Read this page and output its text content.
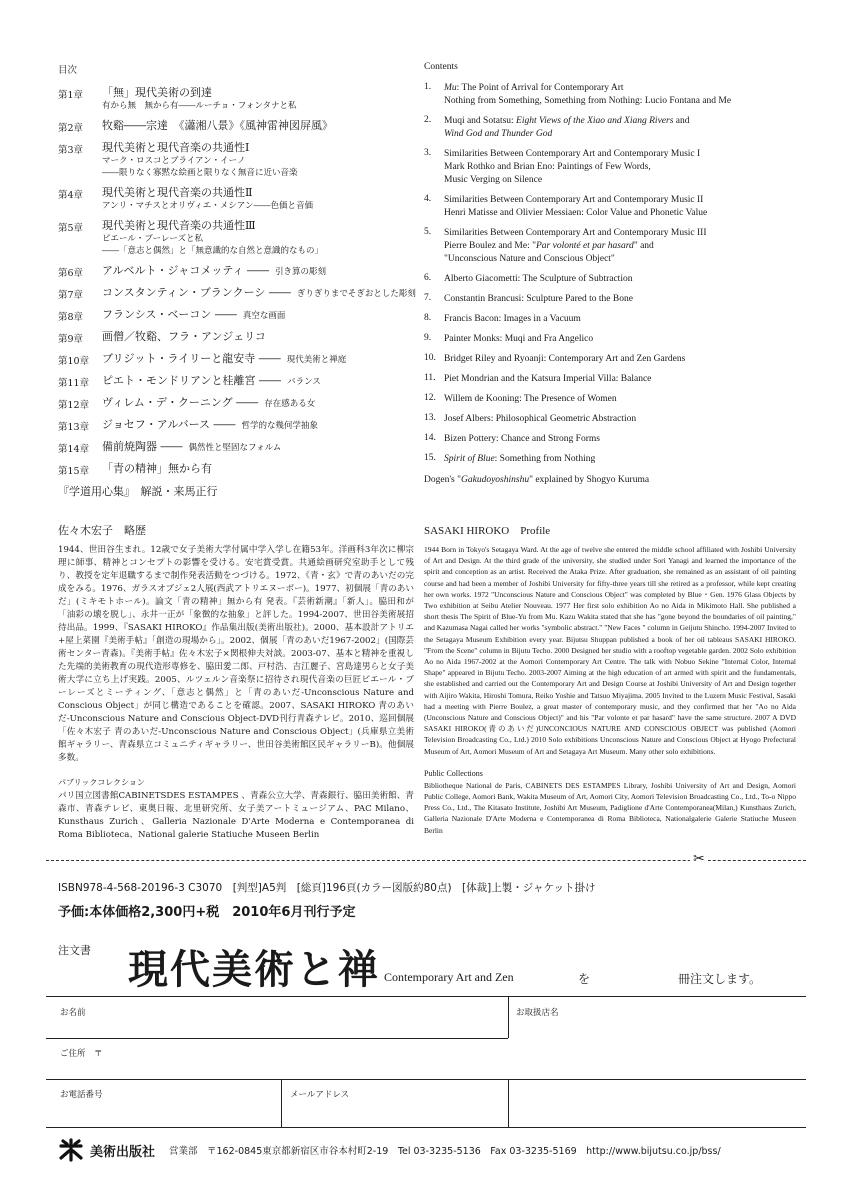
目次
第1章	「無」現代美術の到達
有から無　無から有――ルーチョ・フォンタナと私
第2章	牧谿――宗達　《瀟湘八景》《風神雷神図屏風》
第3章	現代美術と現代音楽の共通性Ⅰ
マーク・ロスコとブライアン・イーノ
――限りなく寡黙な絵画と限りなく無音に近い音楽
第4章	現代美術と現代音楽の共通性Ⅱ
アンリ・マチスとオリヴィエ・メシアン――色価と音価
第5章	現代美術と現代音楽の共通性Ⅲ
ピエール・ブーレーズと私
――「意志と偶然」と「無意識的な自然と意識的なもの」
第6章	アルベルト・ジャコメッティ ―― 引き算の彫刻
第7章	コンスタンティン・ブランクーシ ―― ぎりぎりまでそぎおとした彫刻
第8章	フランシス・ベーコン ―― 真空な画面
第9章	画僧／牧谿、フラ・アンジェリコ
第10章	ブリジット・ライリーと龍安寺 ―― 現代美術と禅庭
第11章	ピエト・モンドリアンと桂離宮 ―― バランス
第12章	ヴィレム・デ・クーニング ―― 存在感ある女
第13章	ジョセフ・アルバース ―― 哲学的な幾何学抽象
第14章	備前焼陶器 ―― 偶然性と堅固なフォルム
第15章	「青の精神」無から有
『学道用心集』　解説・来馬正行
Contents
1.	Mu: The Point of Arrival for Contemporary Art
Nothing from Something, Something from Nothing: Lucio Fontana and Me
2.	Muqi and Sotatsu: Eight Views of the Xiao and Xiang Rivers and
Wind God and Thunder God
3.	Similarities Between Contemporary Art and Contemporary Music I
Mark Rothko and Brian Eno: Paintings of Few Words,
Music Verging on Silence
4.	Similarities Between Contemporary Art and Contemporary Music II
Henri Matisse and Olivier Messiaen: Color Value and Phonetic Value
5.	Similarities Between Contemporary Art and Contemporary Music III
Pierre Boulez and Me: "Par volonté et par hasard" and
"Unconscious Nature and Conscious Object"
6.	Alberto Giacometti: The Sculpture of Subtraction
7.	Constantin Brancusi: Sculpture Pared to the Bone
8.	Francis Bacon: Images in a Vacuum
9.	Painter Monks: Muqi and Fra Angelico
10. Bridget Riley and Ryoanji: Contemporary Art and Zen Gardens
11. Piet Mondrian and the Katsura Imperial Villa: Balance
12. Willem de Kooning: The Presence of Women
13. Josef Albers: Philosophical Geometric Abstraction
14. Bizen Pottery: Chance and Strong Forms
15. Spirit of Blue: Something from Nothing
Dogen's "Gakudoyoshinshu" explained by Shogyo Kuruma
佐々木宏子　略歴
1944、世田谷生まれ。12歳で女子美術大学付属中学入学し在籍53年。洋画科3年次に柳宗理に師事、精神とコンセプトの影響を受ける。安宅賞受賞。共通絵画研究室助手として残り、教授を定年退職するまで制作発表活動をつづける。1972、《青・玄》で青のあいだの完成をみる。1976、ガラスオブジェ2人展(西武アトリエヌーボー)。1977、初個展「青のあいだ」(ミキモトホール)。論文「青の精神」無から有 発表。『芸術新潮』「新人」。脇田和が「油彩の壊を脱し」、永井一正が「象徴的な抽象」と評した。1994-2007、世田谷美術展招待出品。1999、『SASAKI HIROKO』作品集出版(美術出版社)。2000、基本設計アトリエ+屋上菜園『美術手帖』「創造の現場から」。2002、個展「青のあいだ1967-2002」(国際芸術センター青森)。『美術手帖』佐々木宏子×関根伸夫対談。2003-07、基本と精神を重視した先端的美術教育の現代造形専修を、脇田愛二郎、戸村浩、吉江麗子、宮島達男らと女子美術大学に立ち上げ実践。2005、ルツェルン音楽祭に招待され現代音楽の巨匠ピエール・ブーレーズとミーティング、「意志と偶然」と「青のあいだ-Unconscious Nature and Conscious Object」が同じ構造であることを確認。2007、SASAKI HIROKO 青のあいだ-Unconscious Nature and Conscious Object-DVD刊行青森テレビ。2010、巡回個展「佐々木宏子 青のあいだ-Unconscious Nature and Conscious Object」(兵庫県立美術館ギャラリー、青森県立コミュニティギャラリー、世田谷美術館区民ギャラリーB)。他個展多数。
パブリックコレクション
パリ国立図書館CABINETSDES ESTAMPES 、青森公立大学、青森銀行、脇田美術館、青森市、青森テレビ、東奥日報、北里研究所、女子美アートミュージアム、PAC Milano、Kunsthaus Zurich、Galleria Nazionale D'Arte Moderna e Contemporanea di Roma Biblioteca、National galerie Statiuche Museen Berlin
SASAKI HIROKO　Profile
1944 Born in Tokyo's Setagaya Ward. At the age of twelve she entered the middle school affiliated with Joshibi University of Art and Design. At the third grade of the university, she studied under Sori Yanagi and learned the importance of the spirit and conception as an artist. Received the Ataka Prize. After graduation, she remained as an assistant of oil painting course and had been a member of Joshibi University for fifty-three years till she retired as a professor, while kept creating her own works. 1972 "Unconscious Nature and Conscious Object" was completed by Blue・Gen. 1976 Glass Objects by Two exhibition at Seibu Atelier Nouveau. 1977 Her first solo exhibition Ao no Aida in Mikimoto Hall. She published a short thesis The Spirit of Blue-Yu from Mu. Kazu Wakita stated that she has "gone beyond the boundaries of oil painting," and Kazumasa Nagai called her works "symbolic abstract." "New Faces " column in Geijutu Shincho. 1994-2007 Invited to the Setagaya Museum Exhibition every year. Bijutsu Shuppan published a book of her oil tableaus SASAKI HIROKO. "From the Scene" column in Bijutu Techo. 2000 Designed her studio with a rooftop vegetable garden. 2002 Solo exhibition Ao no Aida 1967-2002 at the Aomori Contemporary Art Centre. The talk with Nobuo Sekine "Internal Color, Internal Shape" appeared in Bijutu Techo. 2003-2007 Aiming at the high education of art armed with spirit and the fundamentals, she established and carried out the Contemporary Art and Design Course at Joshibi University of Art and Design together with Aijiro Wakita, Hiroshi Tomura, Reiko Yoshie and Tatsuo Miyajima. 2005 Invited to the Luzern Music Festival, Sasaki had a meeting with Pierre Boulez, a great master of contemporary music, and they confirmed that her "Ao no Aida (Unconscious Nature and Conscious Object)" and his "Par volonte et par hasard" have the same structure. 2007 A DVD SASAKI HIROKO(青のあいだ)UNCONCIOUS NATURE AND CONSCIOUS OBJECT was published (Aomori Television Broadcasting Co., Ltd.) 2010 Solo exhibitions Unconscious Nature and Conscious Object at Hyogo Prefectural Museum of Art, Aomori Museum of Art and Setagaya Art Museum. Many other solo exhibitions.
Public Collections
Bibliotheque National de Paris, CABINETS DES ESTAMPES Library, Joshibi University of Art and Design, Aomori Public College, Aomori Bank, Wakita Museum of Art, Aomori City, Aomori Television Broadcasting Co., Ltd., To-o Nippo Press Co., Ltd., The Kitasato Institute, Joshibi Art Museum, Padiglione d'Arte Contemporanea(Milan,) Kunsthaus Zurich, Galleria Nazionale D'Arte Moderna e Contemporanea di Roma Biblioteca, Nationalgalerie Galerie Statiuche Museen Berlin
✂
ISBN978-4-568-20196-3 C3070　[判型]A5判　[総頁]196頁(カラー図版約80点)　[体裁]上製・ジャケット掛け
予価:本体価格2,300円+税　2010年6月刊行予定
注文書 現代美術と禅 Contemporary Art and Zen	を	冊注文します。
お名前	お取扱店名
ご住所　〒
お電話番号	メールアドレス
美術出版社 営業部　〒162-0845東京都新宿区市谷本村町2-19　Tel 03-3235-5136　Fax 03-3235-5169　http://www.bijutsu.co.jp/bss/
